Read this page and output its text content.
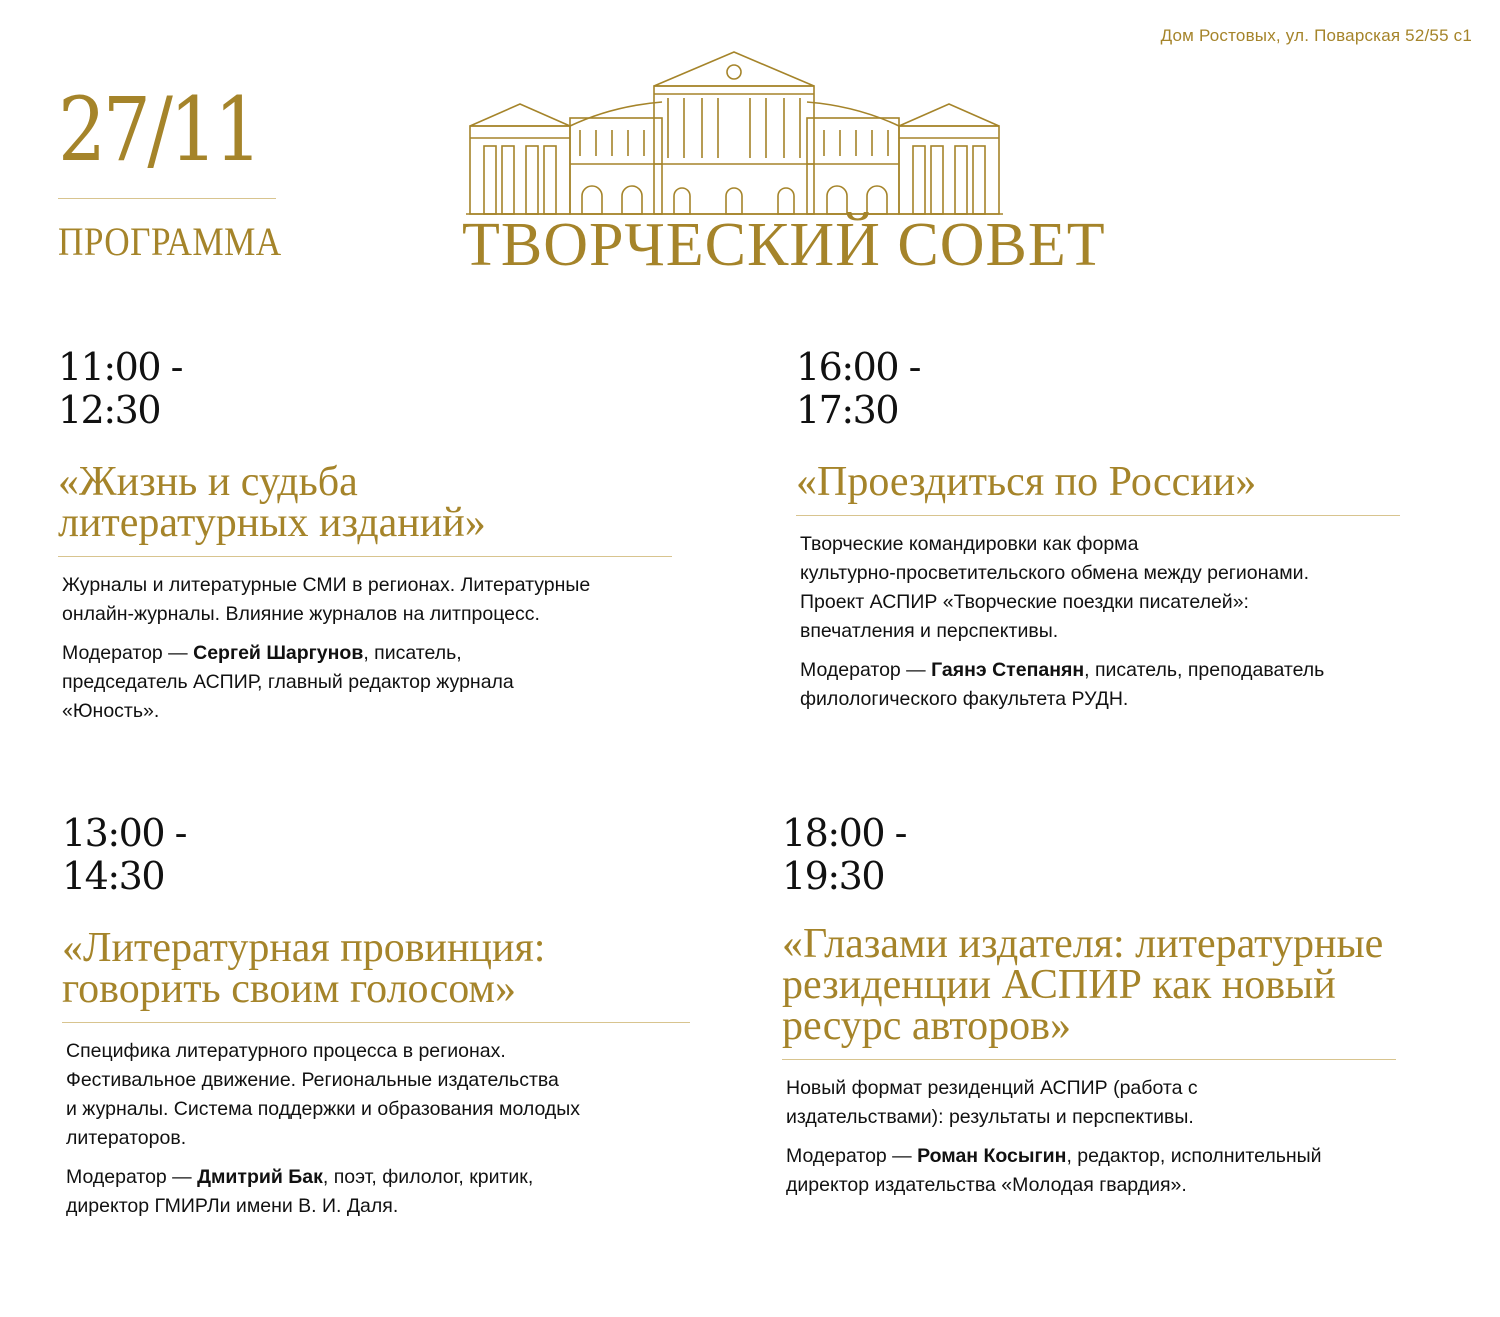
Дом Ростовых, ул. Поварская 52/55 с1
27/11
ПРОГРАММА	ТВОРЧЕСКИЙ СОВЕТ
11:00 -
12:30
«Жизнь и судьба
литературных изданий»

Журналы и литературные СМИ в регионах. Литературные
онлайн-журналы. Влияние журналов на литпроцесс.

Модератор — Сергей Шаргунов, писатель,
председатель АСПИР, главный редактор журнала
«Юность».

16:00 -
17:30
«Проездиться по России»

Творческие командировки как форма
культурно-просветительского обмена между регионами.
Проект АСПИР «Творческие поездки писателей»:
впечатления и перспективы.

Модератор — Гаянэ Степанян, писатель, преподаватель
филологического факультета РУДН.

13:00 -
14:30
«Литературная провинция:
говорить своим голосом»

Специфика литературного процесса в регионах.
Фестивальное движение. Региональные издательства
и журналы. Система поддержки и образования молодых
литераторов.

Модератор — Дмитрий Бак, поэт, филолог, критик,
директор ГМИРЛи имени В. И. Даля.

18:00 -
19:30
«Глазами издателя: литературные
резиденции АСПИР как новый
ресурс авторов»

Новый формат резиденций АСПИР (работа с
издательствами): результаты и перспективы.

Модератор — Роман Косыгин, редактор, исполнительный
директор издательства «Молодая гвардия».
